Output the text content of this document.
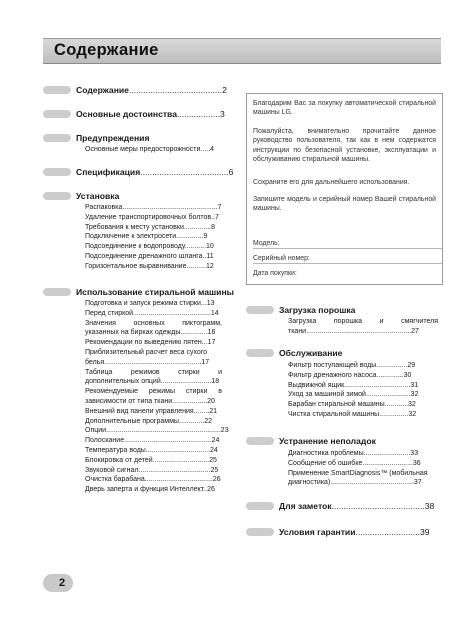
Содержание
Содержание.......................................2
Основные достоинства..................3
Предупреждения
Основные меры предосторожности.....4
Спецификация.....................................6
Установка
Распаковка.................................................7
Удаление транспортировочных болтов..7
Требования к месту установки..............8
Подключение к электросети..............9
Подсоединение к водопроводу...........10
Подсоединение дренажного шланга..11
Горизонтальное выравнивание..........12
Использование стиральной машины
Подготовка и запуск режима стирки...13
Перед стиркой........................................14
Значения основных пиктограмм, указанных на бирках одежды..............16
Рекомендации по выведению пятен...17
Приблизительный расчет веса сухого белья..................................................17
Таблица режимов стирки и дополнительных опций..........................18
Рекомендуемые режимы стирки в зависимости от типа ткани..................20
Внешний вид панели управления........21
Дополнительные программы.............22
Опции...........................................................23
Полоскание.............................................24
Температура воды.................................24
Блокировка от детей.............................25
Звуковой сигнал.....................................25
Очистка барабана...................................26
Дверь заперта и функция Интеллект..26
Благодарим Вас за покупку автоматической стиральной машины LG.
Пожалуйста, внимательно прочитайте данное руководство пользователя, так как в нем содержатся инструкции по безопасной установке, эксплуатации и обслуживанию стиральной машины.
Сохраните его для дальнейшего использования.
Запишите модель и серийный номер Вашей стиральной машины.
Модель:
Серийный номер:
Дата покупки:
Загрузка порошка
Загрузка порошка и смягчителя ткани......................................................27
Обслуживание
Фильтр поступающей воды................29
Фильтр дренажного насоса..............30
Выдвижной ящик..................................31
Уход за машиной зимой.......................32
Барабан стиральной машины............32
Чистка стиральной машины...............32
Устранение неполадок
Диагностика проблемы........................33
Сообщение об ошибке..........................36
Применение SmartDiagnosis™ (мобильная диагностика)...........................................37
Для заметок.......................................38
Условия гарантии...........................39
2
